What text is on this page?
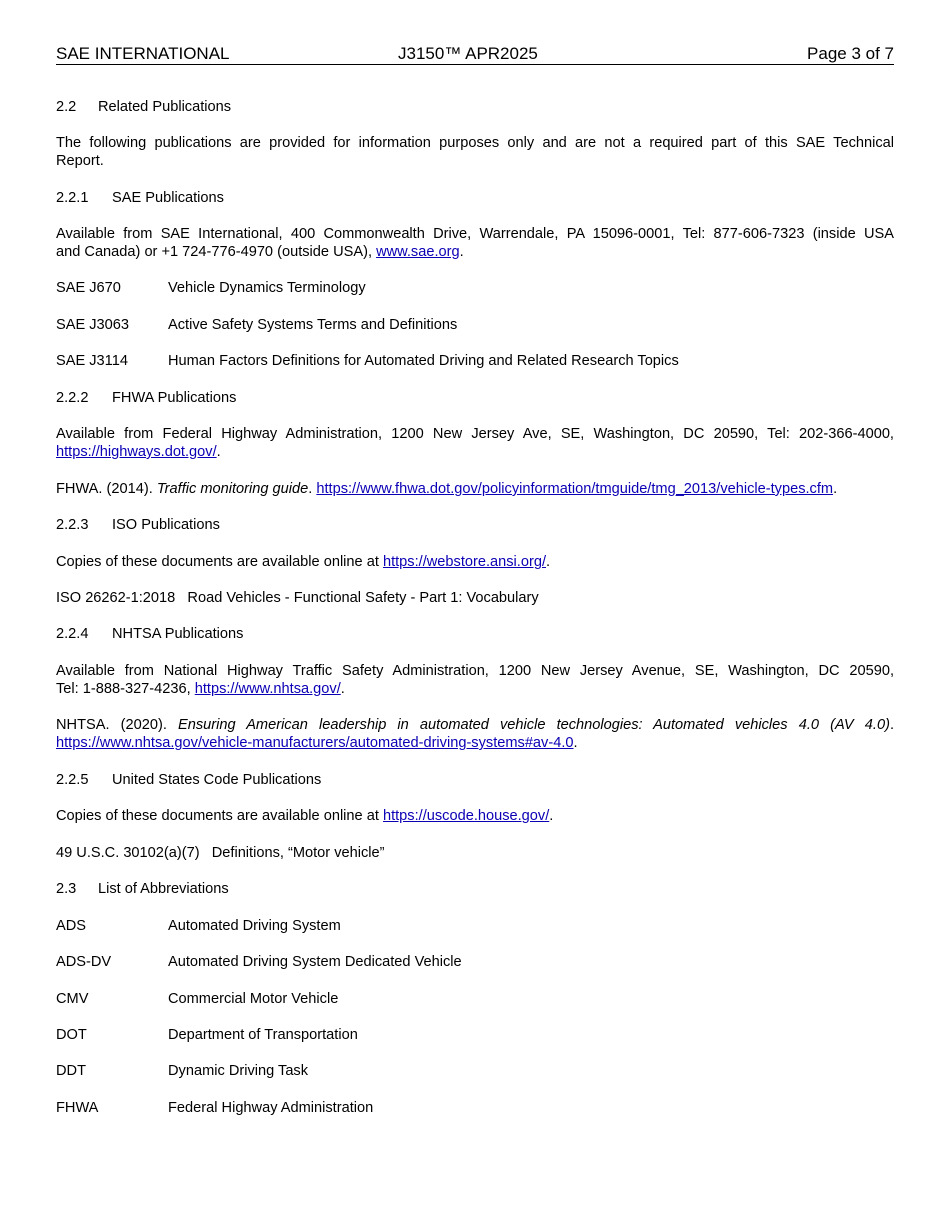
SAE INTERNATIONAL	J3150™ APR2025	Page 3 of 7
2.2 Related Publications
The following publications are provided for information purposes only and are not a required part of this SAE Technical
Report.
2.2.1 SAE Publications
Available from SAE International, 400 Commonwealth Drive, Warrendale, PA 15096-0001, Tel: 877-606-7323 (inside USA
and Canada) or +1 724-776-4970 (outside USA), www.sae.org.
SAE J670	Vehicle Dynamics Terminology
SAE J3063	Active Safety Systems Terms and Definitions
SAE J3114	Human Factors Definitions for Automated Driving and Related Research Topics
2.2.2 FHWA Publications
Available from Federal Highway Administration, 1200 New Jersey Ave, SE, Washington, DC 20590, Tel: 202-366-4000,
https://highways.dot.gov/.
FHWA. (2014). Traffic monitoring guide. https://www.fhwa.dot.gov/policyinformation/tmguide/tmg_2013/vehicle-types.cfm.
2.2.3 ISO Publications
Copies of these documents are available online at https://webstore.ansi.org/.
ISO 26262-1:2018   Road Vehicles - Functional Safety - Part 1: Vocabulary
2.2.4 NHTSA Publications
Available from National Highway Traffic Safety Administration, 1200 New Jersey Avenue, SE, Washington, DC 20590,
Tel: 1-888-327-4236, https://www.nhtsa.gov/.
NHTSA. (2020). Ensuring American leadership in automated vehicle technologies: Automated vehicles 4.0 (AV 4.0).
https://www.nhtsa.gov/vehicle-manufacturers/automated-driving-systems#av-4.0.
2.2.5 United States Code Publications
Copies of these documents are available online at https://uscode.house.gov/.
49 U.S.C. 30102(a)(7)   Definitions, “Motor vehicle”
2.3 List of Abbreviations
ADS	Automated Driving System
ADS-DV	Automated Driving System Dedicated Vehicle
CMV	Commercial Motor Vehicle
DOT	Department of Transportation
DDT	Dynamic Driving Task
FHWA	Federal Highway Administration
